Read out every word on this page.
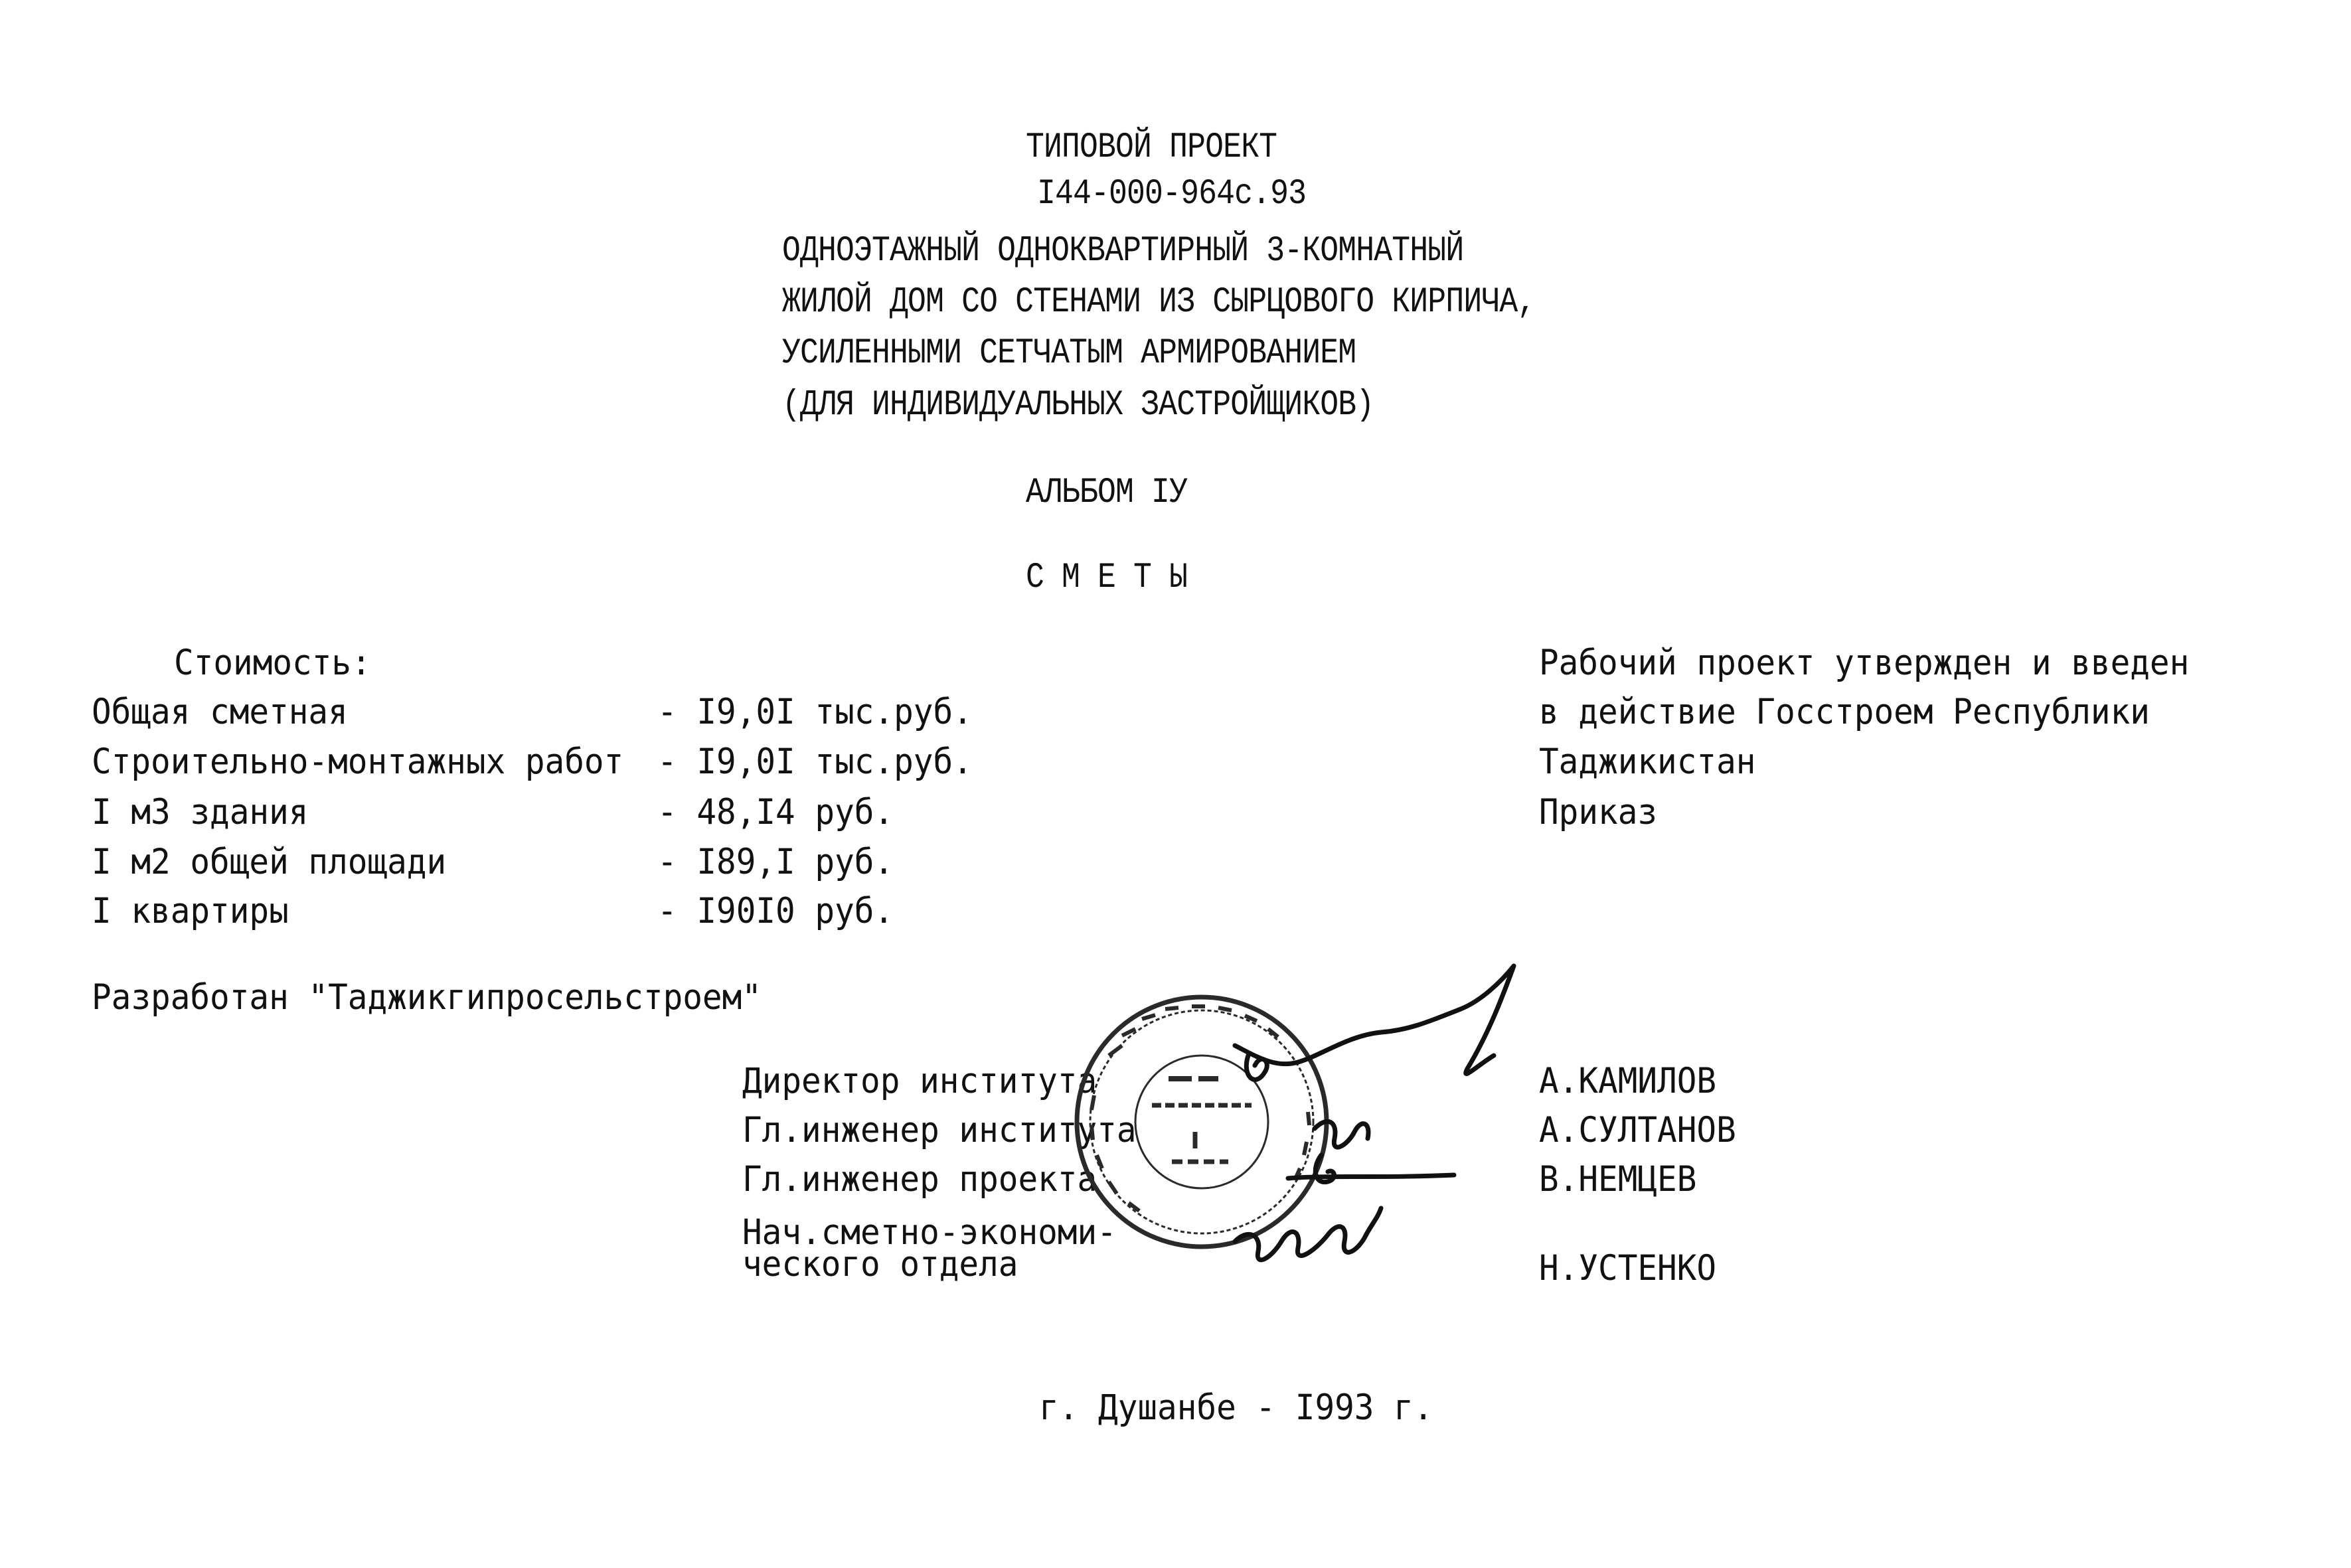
ТИПОВОЙ ПРОЕКТ
I44-000-964с.93
ОДНОЭТАЖНЫЙ ОДНОКВАРТИРНЫЙ 3-КОМНАТНЫЙ
ЖИЛОЙ ДОМ СО СТЕНАМИ ИЗ СЫРЦОВОГО КИРПИЧА,
УСИЛЕННЫМИ СЕТЧАТЫМ АРМИРОВАНИЕМ
(ДЛЯ ИНДИВИДУАЛЬНЫХ ЗАСТРОЙЩИКОВ)
АЛЬБОМ IУ
С М Е Т Ы
Стоимость:
Общая сметная	- I9,0I тыс.руб.
Строительно-монтажных работ - I9,0I тыс.руб.
I м3 здания	- 48,I4 руб.
I м2 общей площади	- I89,I руб.
I квартиры	- I90I0 руб.
Рабочий проект утвержден и введен
в действие Госстроем Республики
Таджикистан
Приказ
Разработан "Таджикгипросельстроем"
Директор института	А.КАМИЛОВ
Гл.инженер института	А.СУЛТАНОВ
Гл.инженер проекта	В.НЕМЦЕВ
Нач.сметно-экономи-
ческого отдела	Н.УСТЕНКО
г. Душанбе - I993 г.
